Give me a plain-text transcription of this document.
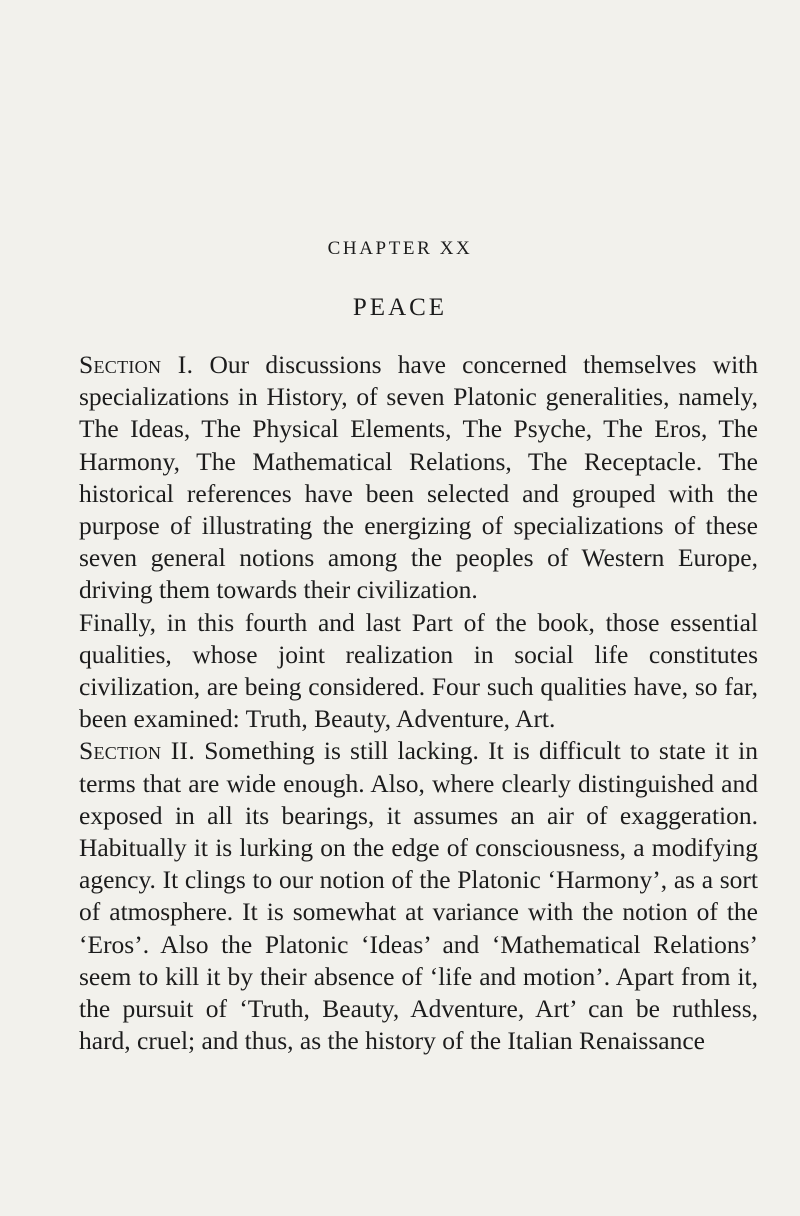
CHAPTER XX
PEACE

Section I. Our discussions have concerned themselves with specializations in History, of seven Platonic generalities, namely, The Ideas, The Physical Elements, The Psyche, The Eros, The Harmony, The Mathematical Relations, The Receptacle. The historical references have been selected and grouped with the purpose of illustrating the energizing of specializations of these seven general notions among the peoples of Western Europe, driving them towards their civilization.

Finally, in this fourth and last Part of the book, those essential qualities, whose joint realization in social life constitutes civilization, are being considered. Four such qualities have, so far, been examined: Truth, Beauty, Adventure, Art.

Section II. Something is still lacking. It is difficult to state it in terms that are wide enough. Also, where clearly distinguished and exposed in all its bearings, it assumes an air of exaggeration. Habitually it is lurking on the edge of consciousness, a modifying agency. It clings to our notion of the Platonic ‘Harmony’, as a sort of atmosphere. It is somewhat at variance with the notion of the ‘Eros’. Also the Platonic ‘Ideas’ and ‘Mathematical Relations’ seem to kill it by their absence of ‘life and motion’. Apart from it, the pursuit of ‘Truth, Beauty, Adventure, Art’ can be ruthless, hard, cruel; and thus, as the history of the Italian Renaissance
